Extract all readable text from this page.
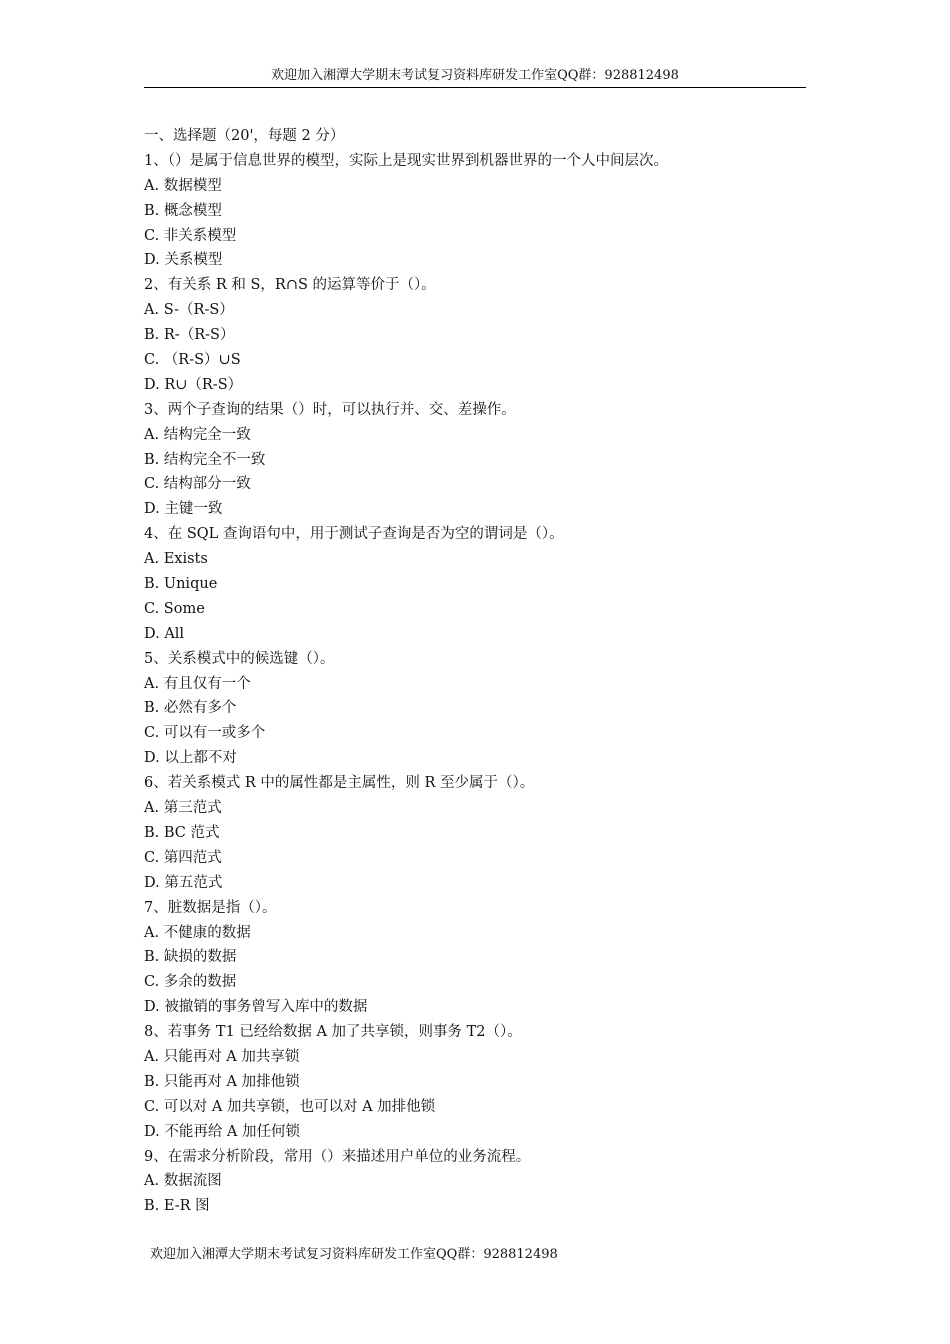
欢迎加入湘潭大学期末考试复习资料库研发工作室QQ群：928812498
一、选择题（20'，每题 2 分）
1、（）是属于信息世界的模型，实际上是现实世界到机器世界的一个人中间层次。
A. 数据模型
B. 概念模型
C. 非关系模型
D. 关系模型
2、有关系 R 和 S，R∩S 的运算等价于（）。
A. S-（R-S）
B. R-（R-S）
C. （R-S）∪S
D. R∪（R-S）
3、两个子查询的结果（）时，可以执行并、交、差操作。
A. 结构完全一致
B. 结构完全不一致
C. 结构部分一致
D. 主键一致
4、在 SQL 查询语句中，用于测试子查询是否为空的谓词是（）。
A. Exists
B. Unique
C. Some
D. All
5、关系模式中的候选键（）。
A. 有且仅有一个
B. 必然有多个
C. 可以有一或多个
D. 以上都不对
6、若关系模式 R 中的属性都是主属性，则 R 至少属于（）。
A. 第三范式
B. BC 范式
C. 第四范式
D. 第五范式
7、脏数据是指（）。
A. 不健康的数据
B. 缺损的数据
C. 多余的数据
D. 被撤销的事务曾写入库中的数据
8、若事务 T1 已经给数据 A 加了共享锁，则事务 T2（）。
A. 只能再对 A 加共享锁
B. 只能再对 A 加排他锁
C. 可以对 A 加共享锁，也可以对 A 加排他锁
D. 不能再给 A 加任何锁
9、在需求分析阶段，常用（）来描述用户单位的业务流程。
A. 数据流图
B. E-R 图
欢迎加入湘潭大学期末考试复习资料库研发工作室QQ群：928812498
